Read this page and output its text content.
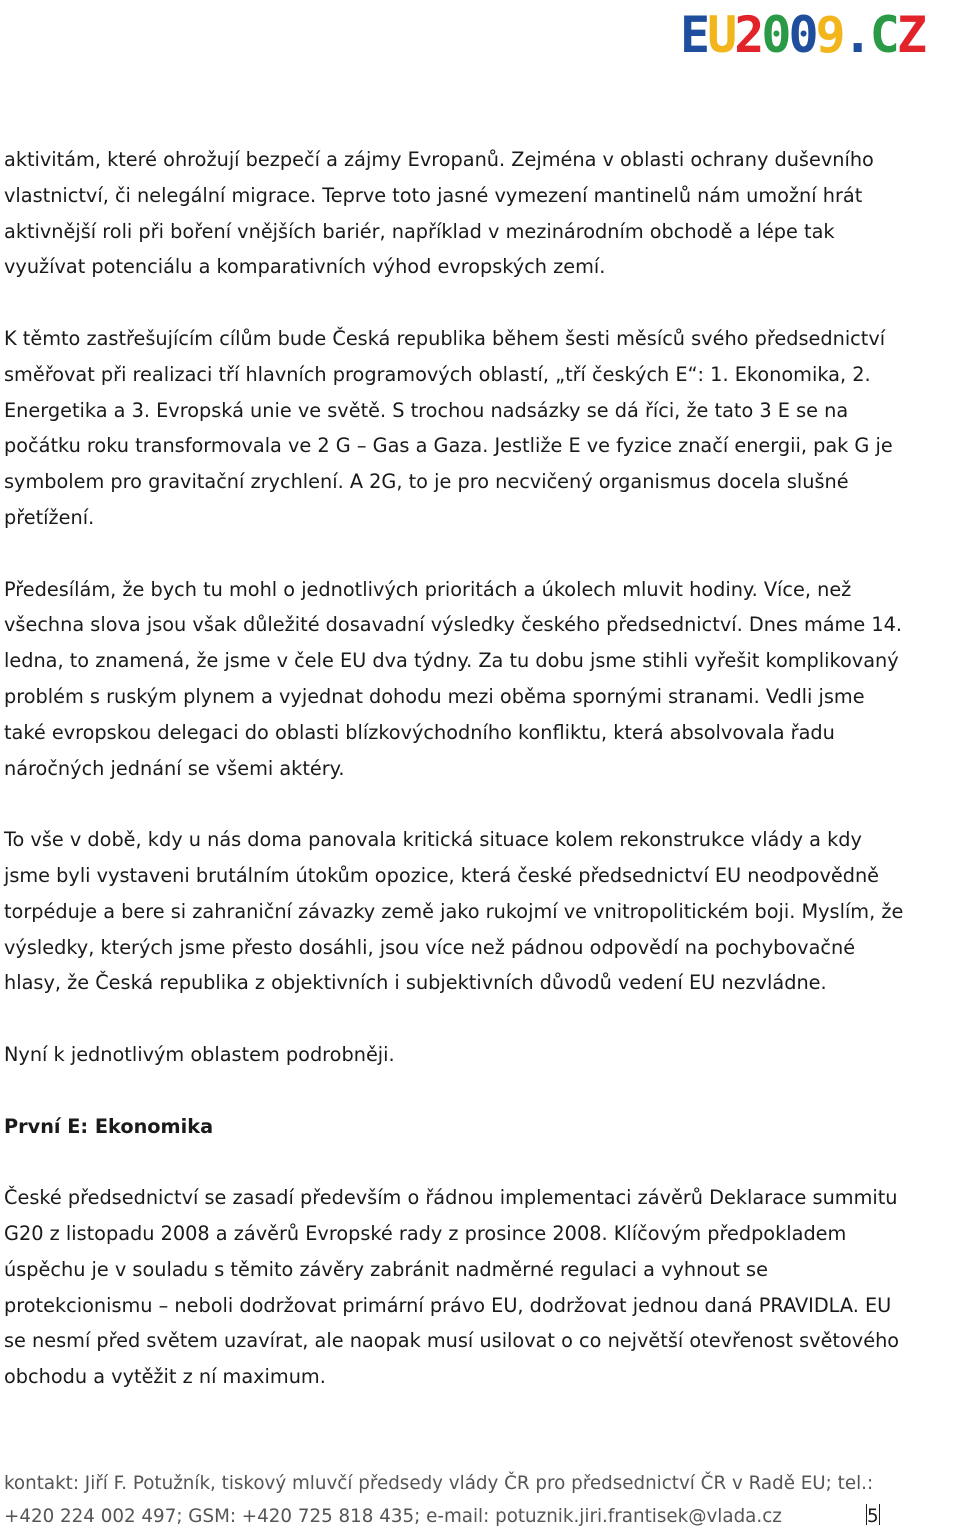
EU2009.CZ

aktivitám, které ohrožují bezpečí a zájmy Evropanů. Zejména v oblasti ochrany duševního vlastnictví, či nelegální migrace. Teprve toto jasné vymezení mantinelů nám umožní hrát aktivnější roli při boření vnějších bariér, například v mezinárodním obchodě a lépe tak využívat potenciálu a komparativních výhod evropských zemí.

K těmto zastřešujícím cílům bude Česká republika během šesti měsíců svého předsednictví směřovat při realizaci tří hlavních programových oblastí, „tří českých E“: 1. Ekonomika, 2. Energetika a 3. Evropská unie ve světě. S trochou nadsázky se dá říci, že tato 3 E se na počátku roku transformovala ve 2 G – Gas a Gaza. Jestliže E ve fyzice značí energii, pak G je symbolem pro gravitační zrychlení. A 2G, to je pro necvičený organismus docela slušné přetížení.

Předesílám, že bych tu mohl o jednotlivých prioritách a úkolech mluvit hodiny. Více, než všechna slova jsou však důležité dosavadní výsledky českého předsednictví. Dnes máme 14. ledna, to znamená, že jsme v čele EU dva týdny. Za tu dobu jsme stihli vyřešit komplikovaný problém s ruským plynem a vyjednat dohodu mezi oběma spornými stranami. Vedli jsme také evropskou delegaci do oblasti blízkovýchodního konfliktu, která absolvovala řadu náročných jednání se všemi aktéry.

To vše v době, kdy u nás doma panovala kritická situace kolem rekonstrukce vlády a kdy jsme byli vystaveni brutálním útokům opozice, která české předsednictví EU neodpovědně torpéduje a bere si zahraniční závazky země jako rukojmí ve vnitropolitickém boji. Myslím, že výsledky, kterých jsme přesto dosáhli, jsou více než pádnou odpovědí na pochybovačné hlasy, že Česká republika z objektivních i subjektivních důvodů vedení EU nezvládne.

Nyní k jednotlivým oblastem podrobněji.

První E: Ekonomika

České předsednictví se zasadí především o řádnou implementaci závěrů Deklarace summitu G20 z listopadu 2008 a závěrů Evropské rady z prosince 2008. Klíčovým předpokladem úspěchu je v souladu s těmito závěry zabránit nadměrné regulaci a vyhnout se protekcionismu – neboli dodržovat primární právo EU, dodržovat jednou daná PRAVIDLA. EU se nesmí před světem uzavírat, ale naopak musí usilovat o co největší otevřenost světového obchodu a vytěžit z ní maximum.

kontakt: Jiří F. Potužník, tiskový mluvčí předsedy vlády ČR pro předsednictví ČR v Radě EU; tel.:
+420 224 002 497; GSM: +420 725 818 435; e-mail: potuznik.jiri.frantisek@vlada.cz	5
